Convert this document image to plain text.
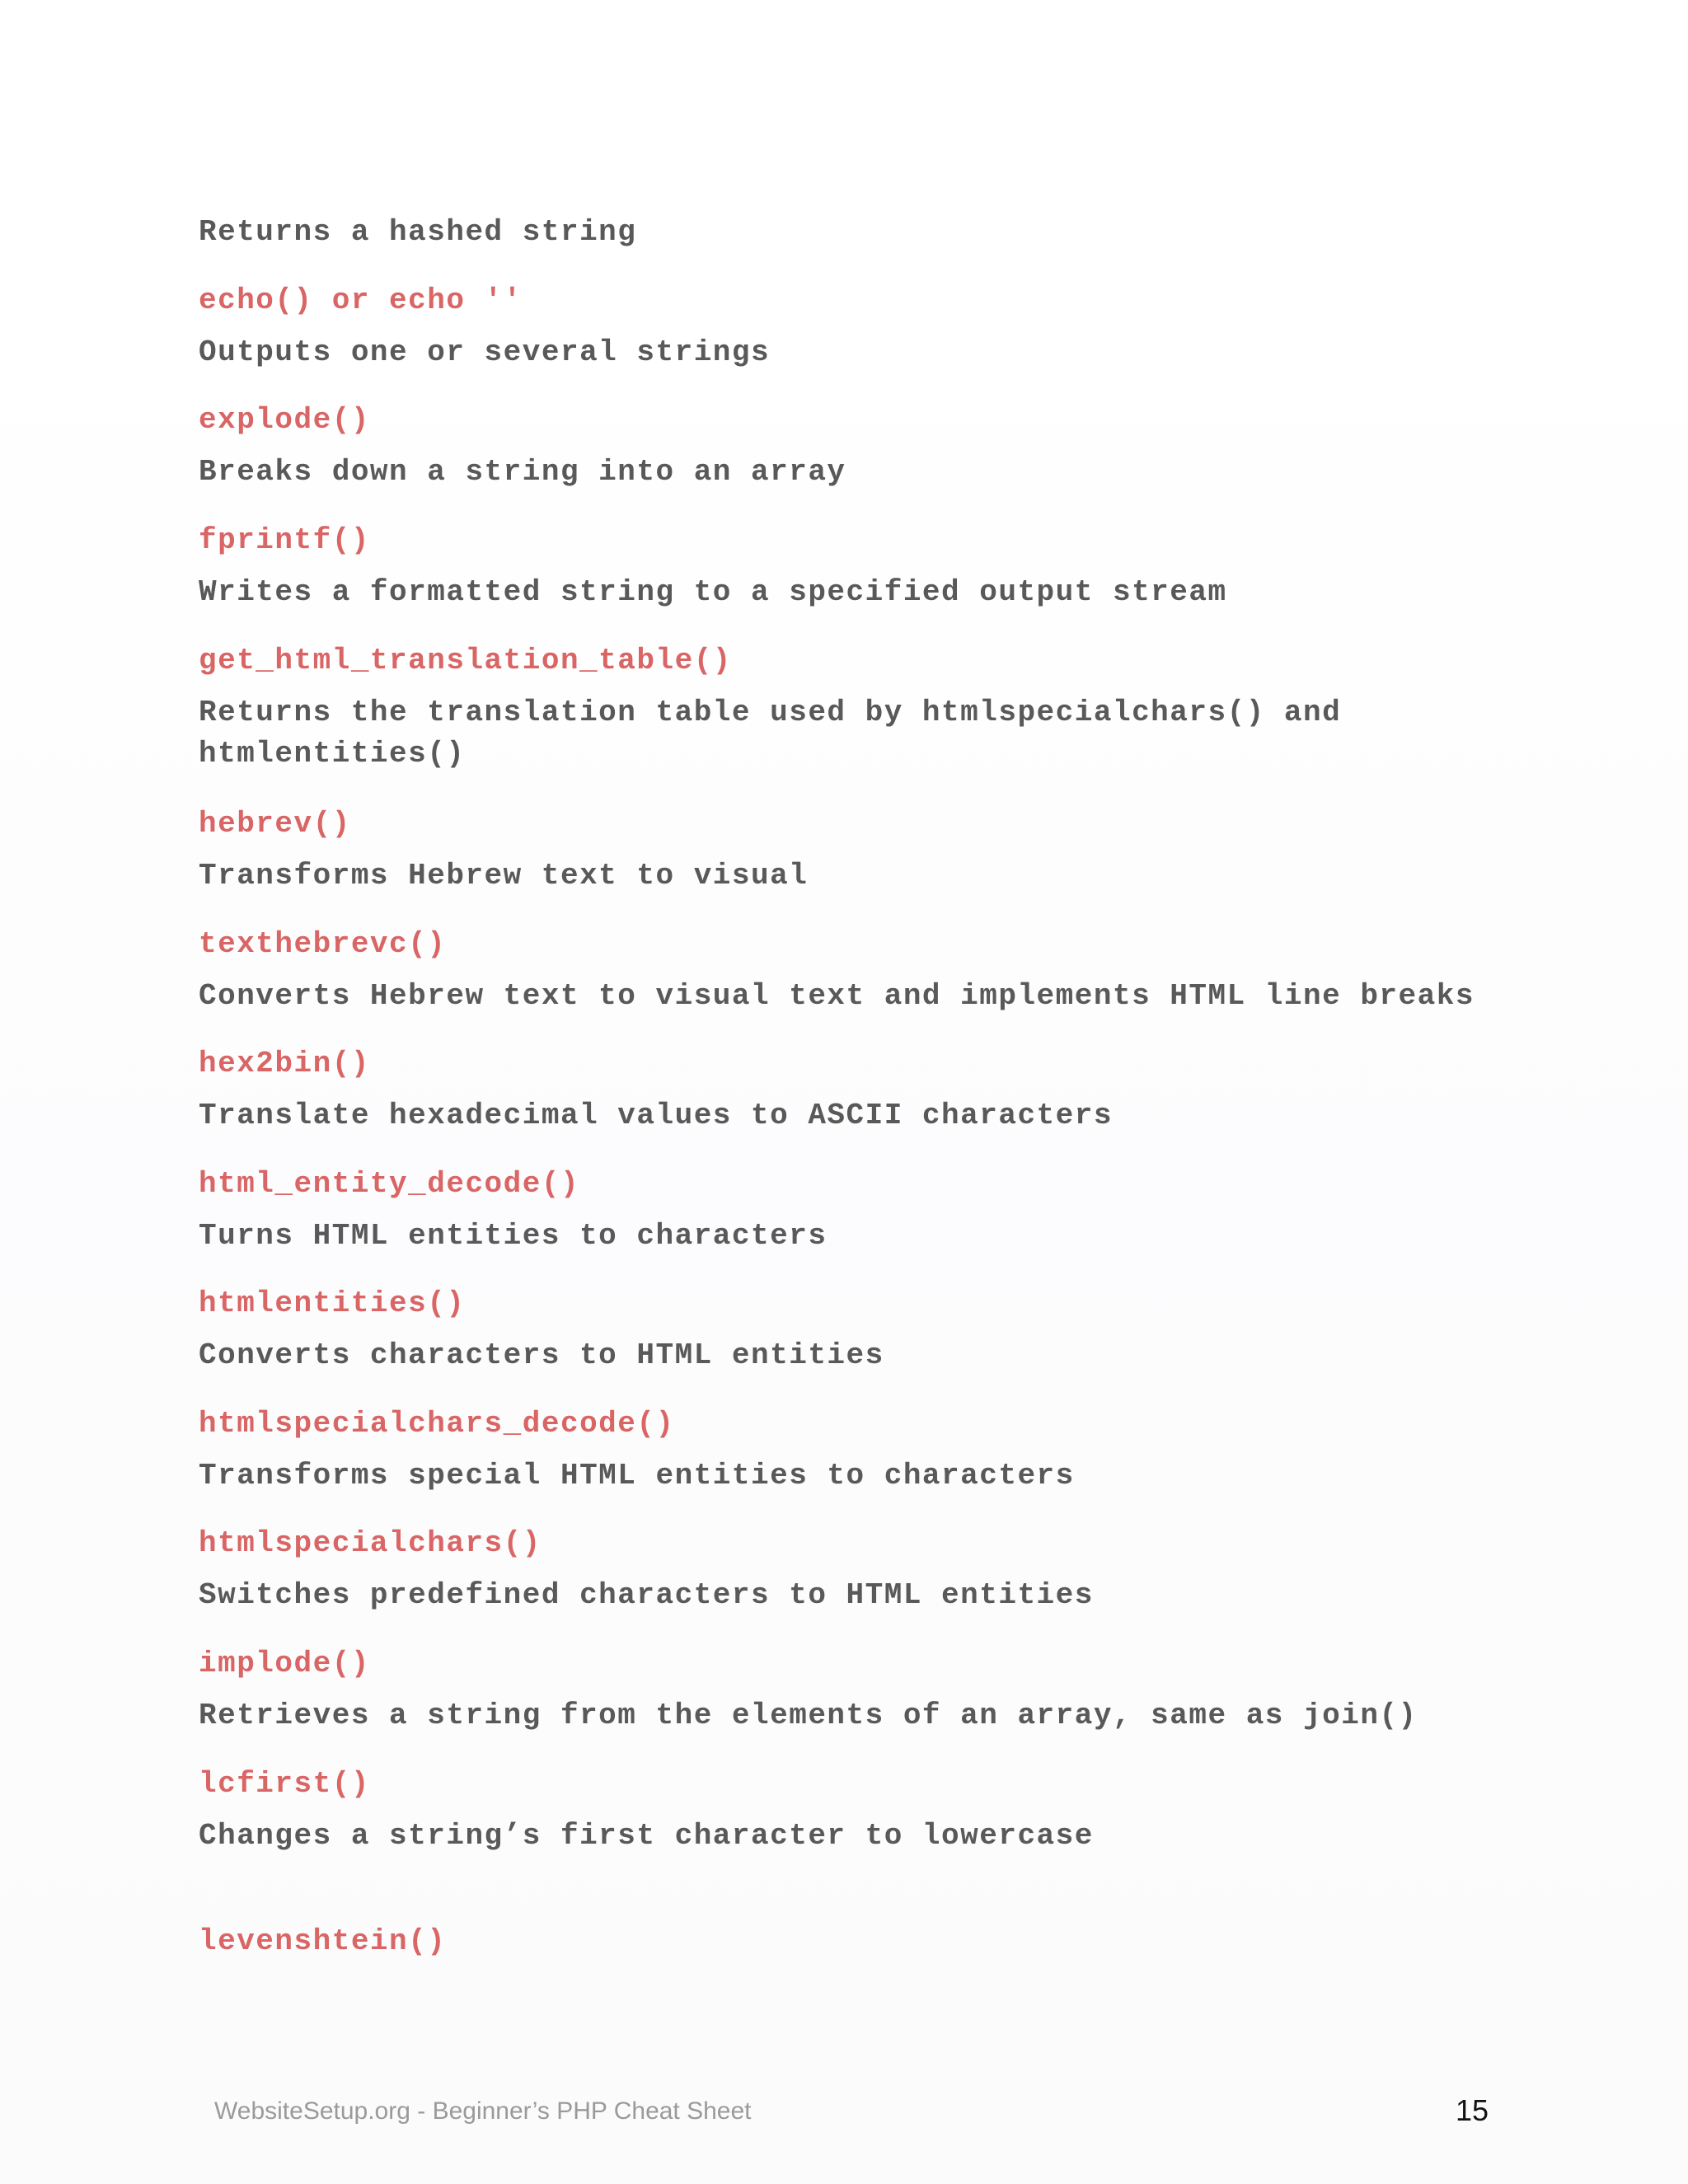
Returns a hashed string
echo() or echo ''
Outputs one or several strings
explode()
Breaks down a string into an array
fprintf()
Writes a formatted string to a specified output stream
get_html_translation_table()
Returns the translation table used by htmlspecialchars() and
htmlentities()
hebrev()
Transforms Hebrew text to visual
texthebrevc()
Converts Hebrew text to visual text and implements HTML line breaks
hex2bin()
Translate hexadecimal values to ASCII characters
html_entity_decode()
Turns HTML entities to characters
htmlentities()
Converts characters to HTML entities
htmlspecialchars_decode()
Transforms special HTML entities to characters
htmlspecialchars()
Switches predefined characters to HTML entities
implode()
Retrieves a string from the elements of an array, same as join()
lcfirst()
Changes a string’s first character to lowercase
levenshtein()
WebsiteSetup.org - Beginner’s PHP Cheat Sheet	15
